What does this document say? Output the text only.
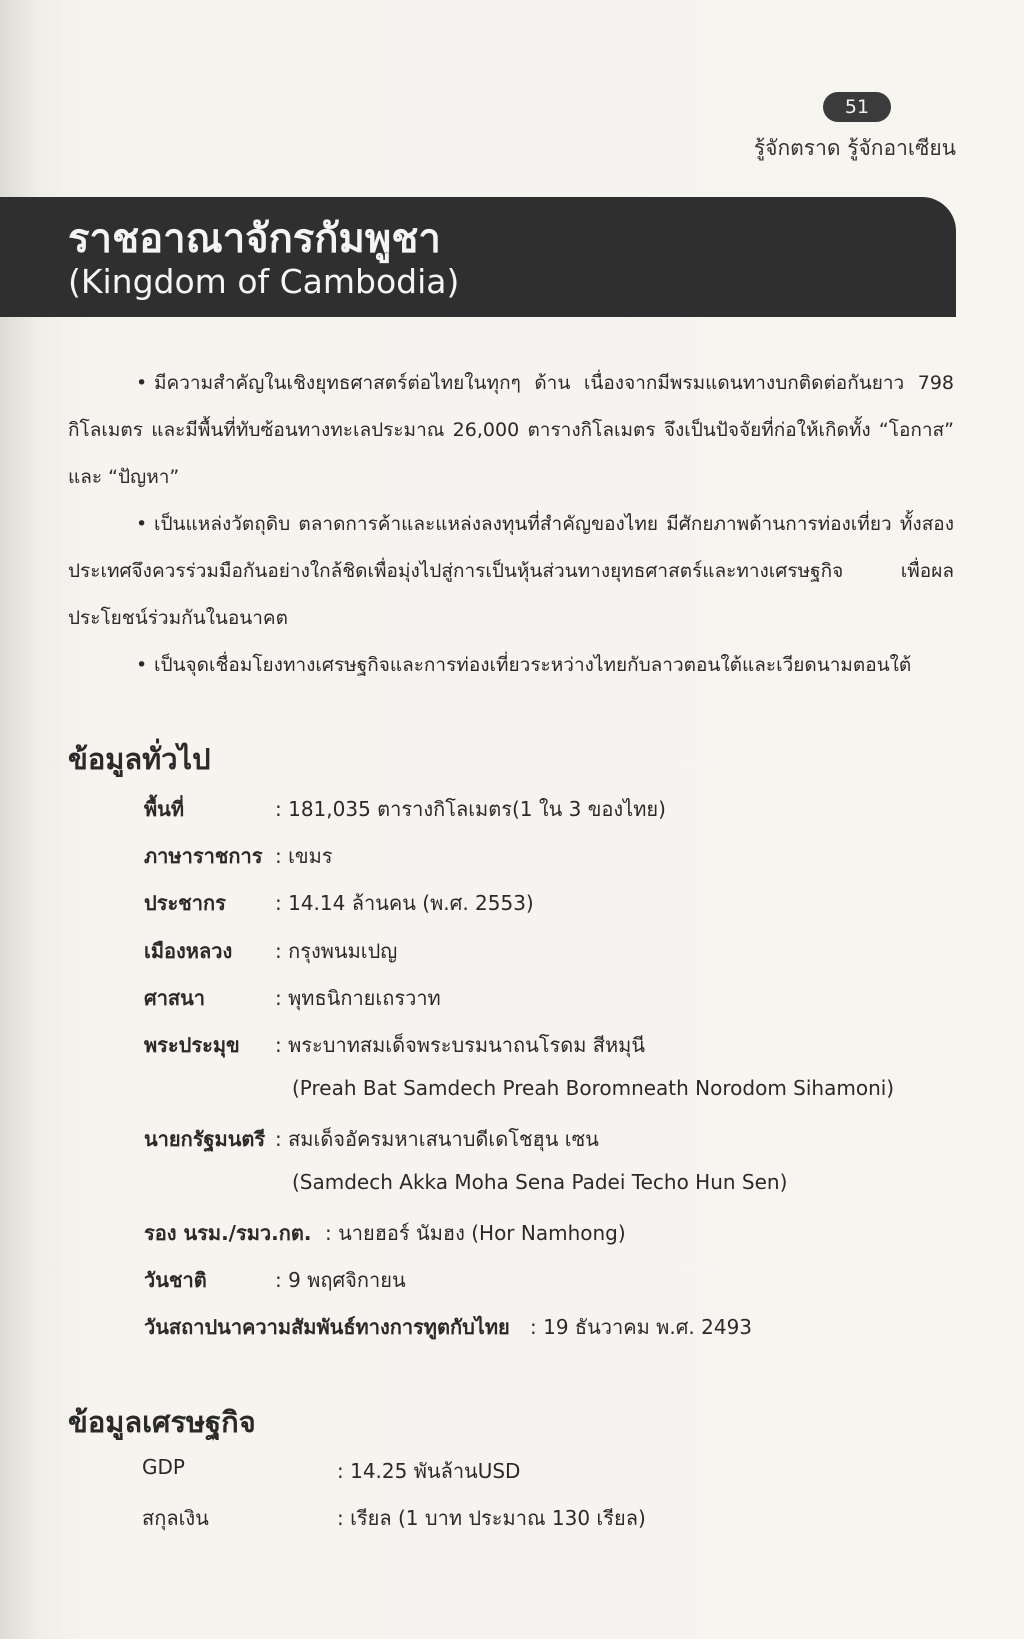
51
รู้จักตราด รู้จักอาเซียน
ราชอาณาจักรกัมพูชา
(Kingdom of Cambodia)

• มีความสำคัญในเชิงยุทธศาสตร์ต่อไทยในทุกๆ ด้าน เนื่องจากมีพรมแดนทางบกติดต่อกันยาว 798 กิโลเมตร และมีพื้นที่ทับซ้อนทางทะเลประมาณ 26,000 ตารางกิโลเมตร จึงเป็นปัจจัยที่ก่อให้เกิดทั้ง “โอกาส” และ “ปัญหา”

• เป็นแหล่งวัตถุดิบ ตลาดการค้าและแหล่งลงทุนที่สำคัญของไทย มีศักยภาพด้านการท่องเที่ยว ทั้งสองประเทศจึงควรร่วมมือกันอย่างใกล้ชิดเพื่อมุ่งไปสู่การเป็นหุ้นส่วนทางยุทธศาสตร์และทางเศรษฐกิจ เพื่อผลประโยชน์ร่วมกันในอนาคต

• เป็นจุดเชื่อมโยงทางเศรษฐกิจและการท่องเที่ยวระหว่างไทยกับลาวตอนใต้และเวียดนามตอนใต้

ข้อมูลทั่วไป
พื้นที่	: 181,035 ตารางกิโลเมตร(1 ใน 3 ของไทย)
ภาษาราชการ : เขมร
ประชากร : 14.14 ล้านคน (พ.ศ. 2553)
เมืองหลวง : กรุงพนมเปญ
ศาสนา	: พุทธนิกายเถรวาท
พระประมุข : พระบาทสมเด็จพระบรมนาถนโรดม สีหมุนี
(Preah Bat Samdech Preah Boromneath Norodom Sihamoni)
นายกรัฐมนตรี : สมเด็จอัครมหาเสนาบดีเดโชฮุน เซน
(Samdech Akka Moha Sena Padei Techo Hun Sen)
รอง นรม./รมว.กต. : นายฮอร์ นัมฮง (Hor Namhong)
วันชาติ	: 9 พฤศจิกายน
วันสถาปนาความสัมพันธ์ทางการทูตกับไทย : 19 ธันวาคม พ.ศ. 2493
ข้อมูลเศรษฐกิจ
GDP	: 14.25 พันล้านUSD
สกุลเงิน	: เรียล (1 บาท ประมาณ 130 เรียล)
